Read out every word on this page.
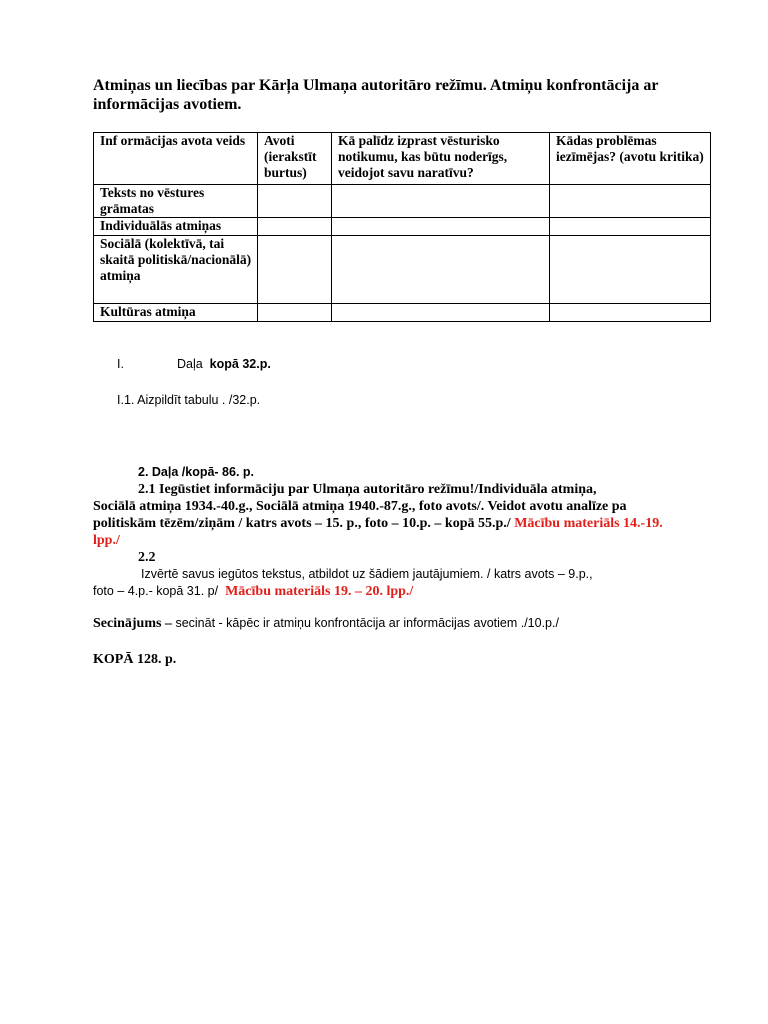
Atmiņas un liecības par Kārļa Ulmaņa autoritāro režīmu. Atmiņu konfrontācija ar informācijas avotiem.
Inf ormācijas avota veids	Avoti (ierakstīt burtus)	Kā palīdz izprast vēsturisko notikumu, kas būtu noderīgs, veidojot savu naratīvu?	Kādas problēmas iezīmējas? (avotu kritika)
Teksts no vēstures grāmatas			
Individuālās atmiņas			
Sociālā (kolektīvā, tai skaitā politiskā/nacionālā) atmiņa			
Kultūras atmiņa			
I.	Daļa kopā 32.p.
I.1. Aizpildīt tabulu . /32.p.
2. Daļa /kopā- 86. p.
2.1 Iegūstiet informāciju par Ulmaņa autoritāro režīmu!/Individuāla atmiņa,
Sociālā atmiņa 1934.-40.g., Sociālā atmiņa 1940.-87.g., foto avots/. Veidot avotu analīze pa politiskām tēzēm/ziņām / katrs avots – 15. p., foto – 10.p. – kopā 55.p./ Mācību materiāls 14.-19. lpp./
2.2
Izvērtē savus iegūtos tekstus, atbildot uz šādiem jautājumiem. / katrs avots – 9.p.,
foto – 4.p.- kopā 31. p/ Mācību materiāls 19. – 20. lpp./
Secinājums – secināt - kāpēc ir atmiņu konfrontācija ar informācijas avotiem ./10.p./
KOPĀ 128. p.
